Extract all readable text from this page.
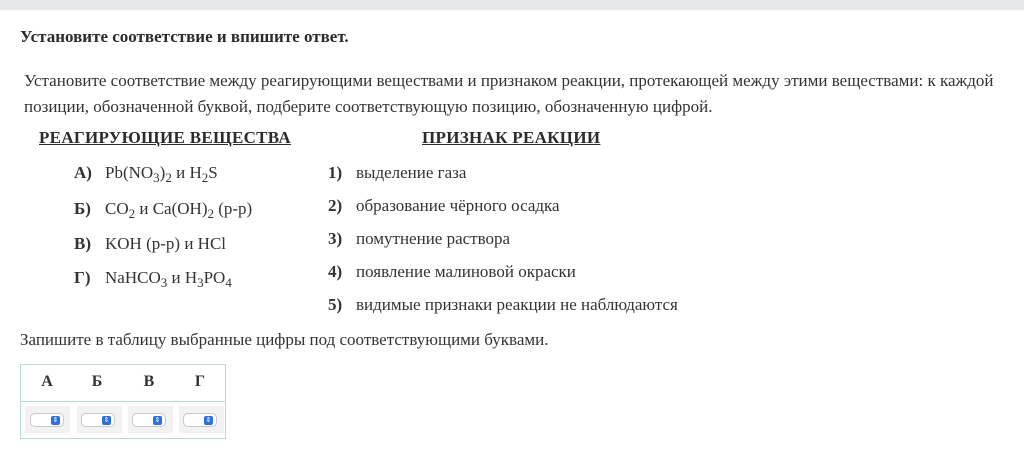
Установите соответствие и впишите ответ.
Установите соответствие между реагирующими веществами и признаком реакции, протекающей между этими веществами: к каждой позиции, обозначенной буквой, подберите соответствующую позицию, обозначенную цифрой.
РЕАГИРУЮЩИЕ ВЕЩЕСТВА	ПРИЗНАК РЕАКЦИИ
А) $Pb(NO_3)_2$ и $H_2S$
Б) $CO_2$ и $Ca(OH)_2$ (р-р)
В) KOH (р-р) и HCl
Г) NaHCO$_3$ и $H_3PO_4$
1) выделение газа
2) образование чёрного осадка
3) помутнение раствора
4) появление малиновой окраски
5) видимые признаки реакции не наблюдаются
Запишите в таблицу выбранные цифры под соответствующими буквами.
А	Б	В	Г
⇕	⇕	⇕	⇕
